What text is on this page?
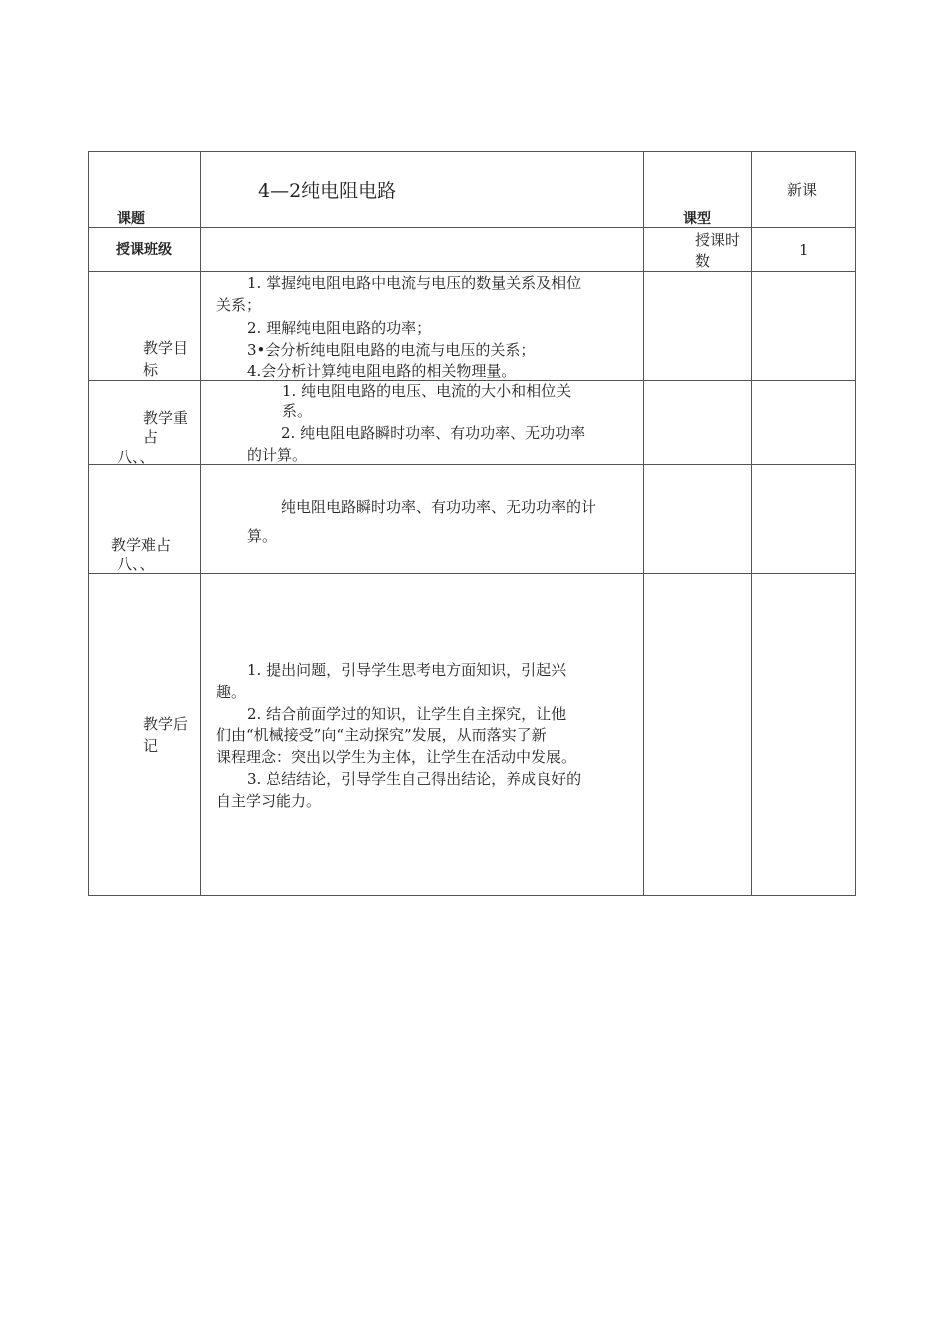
课题
4—2纯电阻电路
课型
新课
授课班级
授课时
数
1
教学目
标
1. 掌握纯电阻电路中电流与电压的数量关系及相位
关系；
2. 理解纯电阻电路的功率；
3•会分析纯电阻电路的电流与电压的关系；
4.会分析计算纯电阻电路的相关物理量。
教学重
占
八、、
1. 纯电阻电路的电压、电流的大小和相位关
系。
2. 纯电阻电路瞬时功率、有功功率、无功功率
的计算。
教学难占
八、、
纯电阻电路瞬时功率、有功功率、无功功率的计
算。
教学后
记
1. 提出问题，引导学生思考电方面知识，引起兴
趣。
2. 结合前面学过的知识，让学生自主探究，让他
们由“机械接受”向“主动探究”发展，从而落实了新
课程理念：突出以学生为主体，让学生在活动中发展。
3. 总结结论，引导学生自己得出结论，养成良好的
自主学习能力。
